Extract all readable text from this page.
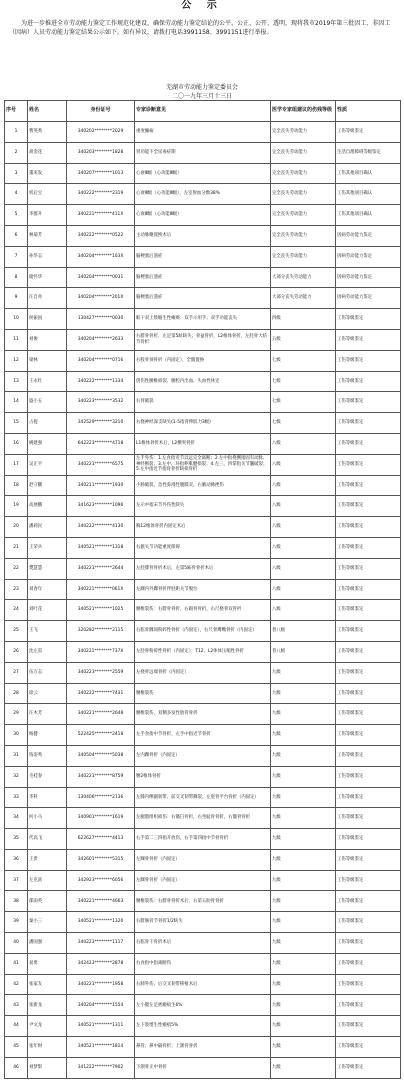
公 示
为进一步推进全市劳动能力鉴定工作规范化建设，确保劳动能力鉴定结论的公平、公正、公开、透明，现将我市2019年第三批因工、非因工（因病）人员劳动能力鉴定结果公示如下。如有异议，请拨打电话3991158、3991151进行举报。
芜湖市劳动能力鉴定委员会
二〇一九年三月十三日
序号	姓名	身份证号	专家诊断意见	医学专家组建议的伤残等级	性质
1	曹英秀	340202********2029	重度癫痫	完全丧失劳动能力	工伤等级鉴定
2	胡金花	340203********1828	肾功能不全尿毒症期	完全丧失劳动能力	生活自理障碍等级鉴定
3	董来发	340207********1013	心衰Ⅲ级（心功能Ⅲ级）	完全丧失劳动能力	工伤其他项目确认
4	机后宝	340222********2319	心衰Ⅲ级（心功能Ⅲ级），左室射血分数38%	完全丧失劳动能力	工伤其他项目确认
5	李群升	340221********411X	心衰Ⅲ级（心功能Ⅲ级）	完全丧失劳动能力	工伤其他项目确认
6	林菊芳	340222********0522	主动脉瓣置换术后	完全丧失劳动能力	因病劳动能力鉴定
7	孙华志	340204********103X	脑梗塞后遗症	完全丧失劳动能力	因病劳动能力鉴定
8	储怀华	340204********0031	脑梗塞后遗症	大部分丧失劳动能力	因病劳动能力鉴定
9	汪自亮	340204********201X	脑梗塞后遗症	大部分丧失劳动能力	因病劳动能力鉴定
10	侯振国	130427********0030	眶干双上肢缩生性瘫痪：双手示用手；双手功能丧失	四级	工伤等级鉴定
11	刘俊	340204********2633	右腓骨骨折，左足第5趾缺失；骨盆骨折，L2椎体骨折，左胫骨大结节骨折	五级	工伤等级鉴定
12	梁林	340204********0716	右股骨颈骨折（内固定），全髋置换	七级	工伤等级鉴定
13	王永红	340222********1334	创伤性腰椎损裂、腰腔内出血，失血性休克	七级	工伤等级鉴定
14	盛小五	340223********3532	右肾破裂	七级	工伤等级鉴定
15	占捉	342529********3210	右桡神经深支缺失(1-5指背伸肌力3级)	七级	工伤等级鉴定
16	姚建强	642223********4718	L1椎体骨折术后，L2横突骨折	八级	工伤等级鉴定
17	吴正平	340221********6575	左手外伤：1.左食指近节以远完全离断；2.左中指桡侧指固有动脉、神经断裂；3.左中、环指伸肌腱损裂；4.左三、四掌指关节囊破裂；5.左中指近节指骨骨折缺损骨折	八级	工伤等级鉴定
18	赵守鹏	340211********1930	小肠破裂、急性弥漫性腹膜炎，右腋动脉挫伤	八级	工伤等级鉴定
19	高展鹏	341623********1096	左示中指末节外伤性缺失	八级	工伤等级鉴定
20	潘莉民	340222********4130	胸12椎体骨折内固定术后	八级	工伤等级鉴定
21	王荣兵	340521********1318	右髌关节功能重度障碍	八级	工伤等级鉴定
22	樊慧慧	340221********2644	左胫腓骨骨折术后，左第5跖骨骨折术后	八级	工伤等级鉴定
23	刘春年	340221********061X	左踝内外踝骨折伴胫距关节脱位	八级	工伤等级鉴定
24	刘叶花	340521********1025	腰椎裂伤：右腓骨骨折，右跟骨骨折，右尺桡骨双骨折	八级	工伤等级鉴定
25	王飞	320282********2115	右肱骨髁间粉碎性骨折（内固定），右尺骨鹰嘴骨折（内固定）	普八级	工伤等级鉴定
26	沈左雷	340221********737X	左胫骨粉碎性骨折（内固定）；T12、L2体体压缩性骨折	普八级	工伤等级鉴定
27	伍万志	340223********2559	左桡骨远端骨折（内固定）	九级	工伤等级鉴定
28	徐云	340222********7431	腰椎裂伤	九级	工伤等级鉴定
29	汪木芳	340221********2648	腰椎裂伤、双侧多发性肋骨骨折	九级	工伤等级鉴定
30	杨健	522425********2418	左手食指中节骨折、左手中指近节骨折	九级	工伤等级鉴定
31	钱姿秀	340504********5038	左内踝骨折（内固定）	九级	工伤等级鉴定
32	毛桂春	340221********8759	腰2椎体骨折	九级	工伤等级鉴定
33	李科	130406********2136	左膝内侧副韧带、前交叉韧带撕裂；左胫骨平台骨折（内固定）	九级	工伤等级鉴定
34	何小马	340901********1619	左腿脂组织损伤：右髋臼骨折，右坐耻骨骨折，右髋骨骨折	九级	工伤等级鉴定
35	代高飞	622627********4413	右手第二三四指开放伤，右手第四指中节骨骨折	九级	工伤等级鉴定
36	王贵	342601********5315	左踝骨骨折（内固定）	九级	工伤等级鉴定
37	左克富	342923********6056	左踝骨骨折（内固定）	九级	工伤等级鉴定
38	郁雨英	340221********4663	腰椎裂伤：右腓骨骨折术后，右第五肋骨骨折	九级	工伤等级鉴定
39	秦小三	340521********1320	右腓肠骨节骨折1/2缺失	九级	工伤等级鉴定
40	潘国强	340223********1117	右肱骨干骨折术后	九级	工伤等级鉴定
41	易勇	342423********2878	右食指中指离断伤	九级	工伤等级鉴定
42	张家友	340221********1958	右肺外伤、后交叉韧带移植术后	九级	工伤等级鉴定
43	张新龙	340204********1554	左小腿左足底瘢痕生6%	九级	工伤等级鉴定
44	尹文龙	340521********1311	左下肢增生性瘢痕5%	九级	工伤等级鉴定
45	张年财	340521********1814	鼻骨、鼻中隔骨折；上颌骨骨折	九级	工伤等级鉴定
46	刘梦影	341222********7902	下颌骨正中骨折	九级	工伤等级鉴定
